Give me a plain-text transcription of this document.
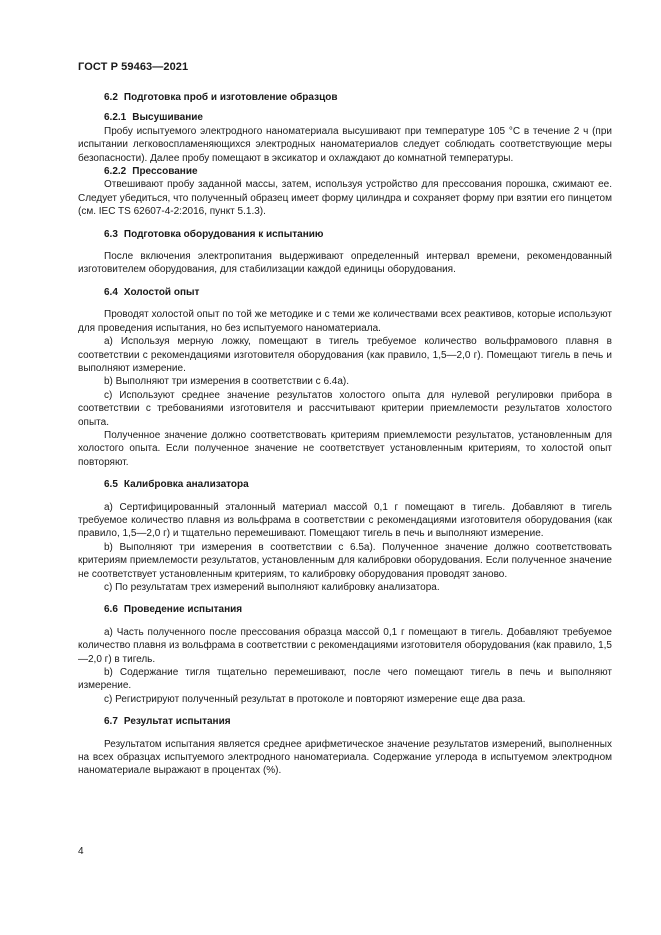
ГОСТ Р 59463—2021

6.2 Подготовка проб и изготовление образцов

6.2.1 Высушивание

Пробу испытуемого электродного наноматериала высушивают при температуре 105 °С в течение 2 ч (при испытании легковоспламеняющихся электродных наноматериалов следует соблюдать соответствующие меры безопасности). Далее пробу помещают в эксикатор и охлаждают до комнатной температуры.

6.2.2 Прессование

Отвешивают пробу заданной массы, затем, используя устройство для прессования порошка, сжимают ее. Следует убедиться, что полученный образец имеет форму цилиндра и сохраняет форму при взятии его пинцетом (см. IEC TS 62607-4-2:2016, пункт 5.1.3).

6.3 Подготовка оборудования к испытанию

После включения электропитания выдерживают определенный интервал времени, рекомендованный изготовителем оборудования, для стабилизации каждой единицы оборудования.

6.4 Холостой опыт

Проводят холостой опыт по той же методике и с теми же количествами всех реактивов, которые используют для проведения испытания, но без испытуемого наноматериала.

а) Используя мерную ложку, помещают в тигель требуемое количество вольфрамового плавня в соответствии с рекомендациями изготовителя оборудования (как правило, 1,5—2,0 г). Помещают тигель в печь и выполняют измерение.

b) Выполняют три измерения в соответствии с 6.4а).

с) Используют среднее значение результатов холостого опыта для нулевой регулировки прибора в соответствии с требованиями изготовителя и рассчитывают критерии приемлемости результатов холостого опыта.

Полученное значение должно соответствовать критериям приемлемости результатов, установленным для холостого опыта. Если полученное значение не соответствует установленным критериям, то холостой опыт повторяют.

6.5 Калибровка анализатора

а) Сертифицированный эталонный материал массой 0,1 г помещают в тигель. Добавляют в тигель требуемое количество плавня из вольфрама в соответствии с рекомендациями изготовителя оборудования (как правило, 1,5—2,0 г) и тщательно перемешивают. Помещают тигель в печь и выполняют измерение.

b) Выполняют три измерения в соответствии с 6.5а). Полученное значение должно соответствовать критериям приемлемости результатов, установленным для калибровки оборудования. Если полученное значение не соответствует установленным критериям, то калибровку оборудования проводят заново.

с) По результатам трех измерений выполняют калибровку анализатора.

6.6 Проведение испытания

а) Часть полученного после прессования образца массой 0,1 г помещают в тигель. Добавляют требуемое количество плавня из вольфрама в соответствии с рекомендациями изготовителя оборудования (как правило, 1,5—2,0 г) в тигель.

b) Содержание тигля тщательно перемешивают, после чего помещают тигель в печь и выполняют измерение.

с) Регистрируют полученный результат в протоколе и повторяют измерение еще два раза.

6.7 Результат испытания

Результатом испытания является среднее арифметическое значение результатов измерений, выполненных на всех образцах испытуемого электродного наноматериала. Содержание углерода в испытуемом электродном наноматериале выражают в процентах (%).

4
